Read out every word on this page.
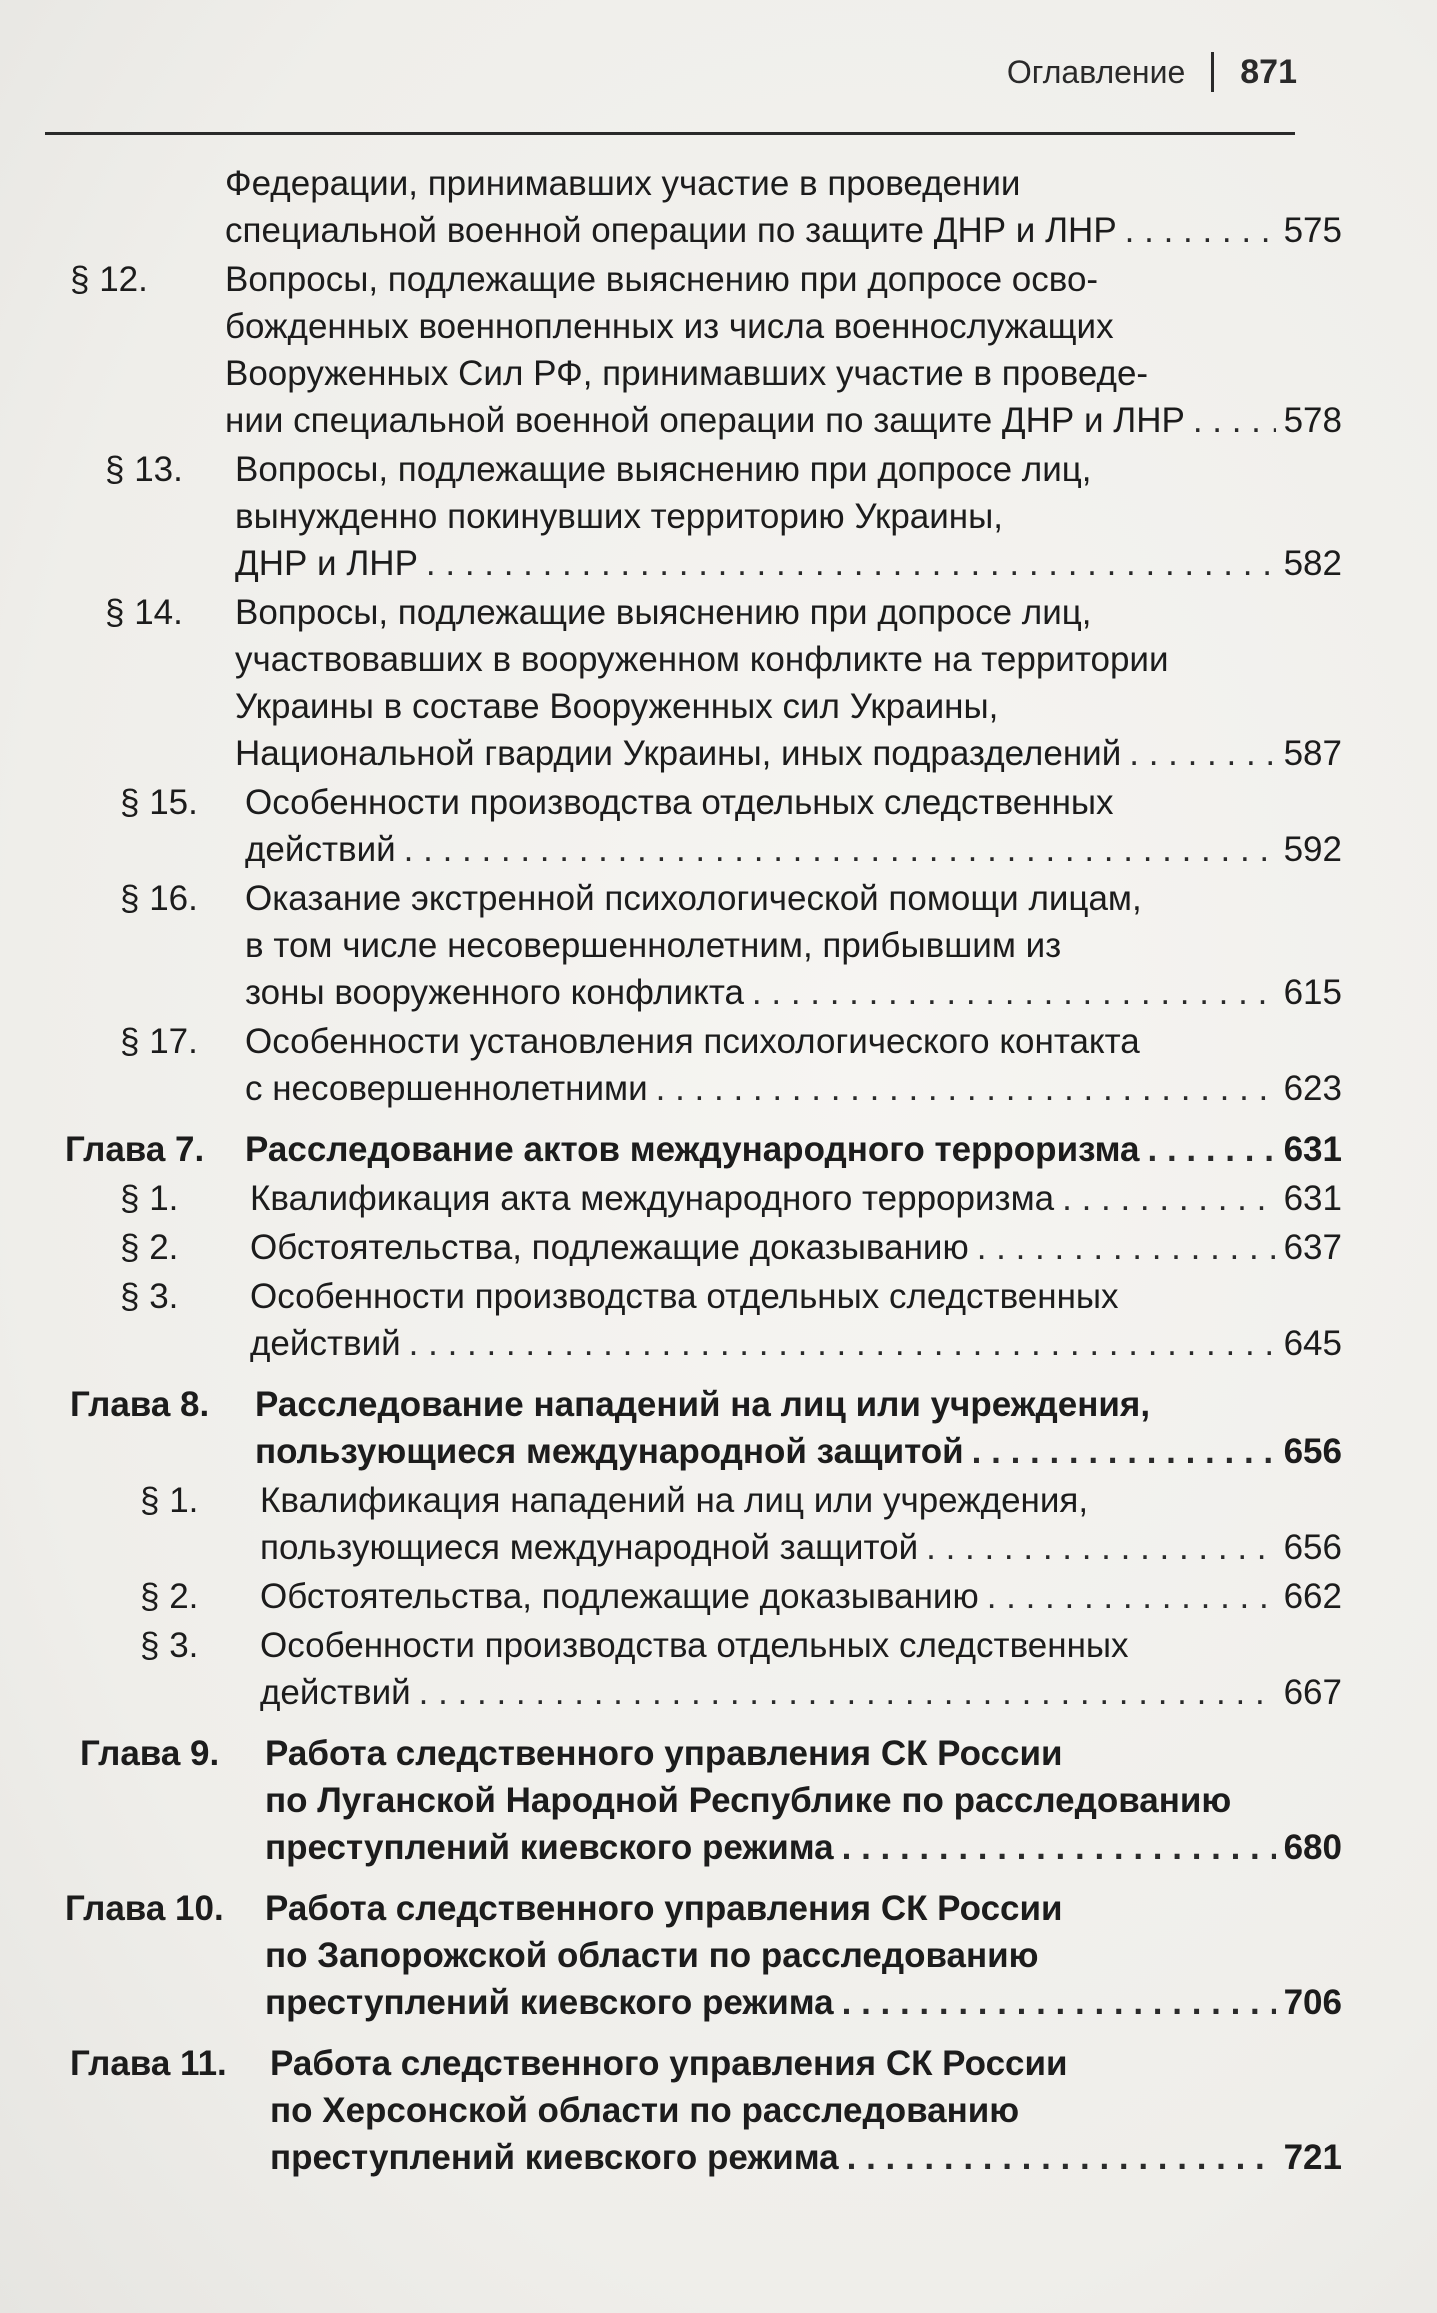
Оглавление 871
Федерации, принимавших участие в проведении
специальной военной операции по защите ДНР и ЛНР . . .	575
§ 12. Вопросы, подлежащие выяснению при допросе осво-
божденных военнопленных из числа военнослужащих
Вооруженных Сил РФ, принимавших участие в проведе-
нии специальной военной операции по защите ДНР и ЛНР . . .	578
§ 13. Вопросы, подлежащие выяснению при допросе лиц,
вынужденно покинувших территорию Украины,
ДНР и ЛНР . . .	582
§ 14. Вопросы, подлежащие выяснению при допросе лиц,
участвовавших в вооруженном конфликте на территории
Украины в составе Вооруженных сил Украины,
Национальной гвардии Украины, иных подразделений . . .	587
§ 15. Особенности производства отдельных следственных
действий . . .	592
§ 16. Оказание экстренной психологической помощи лицам,
в том числе несовершеннолетним, прибывшим из
зоны вооруженного конфликта . . .	615
§ 17. Особенности установления психологического контакта
с несовершеннолетними . . .	623
Глава 7. Расследование актов международного терроризма . . .	631
§ 1. Квалификация акта международного терроризма . . .	631
§ 2. Обстоятельства, подлежащие доказыванию . . .	637
§ 3. Особенности производства отдельных следственных
действий . . .	645
Глава 8. Расследование нападений на лиц или учреждения,
пользующиеся международной защитой . . .	656
§ 1. Квалификация нападений на лиц или учреждения,
пользующиеся международной защитой . . .	656
§ 2. Обстоятельства, подлежащие доказыванию . . .	662
§ 3. Особенности производства отдельных следственных
действий . . .	667
Глава 9. Работа следственного управления СК России
по Луганской Народной Республике по расследованию
преступлений киевского режима . . .	680
Глава 10. Работа следственного управления СК России
по Запорожской области по расследованию
преступлений киевского режима . . .	706
Глава 11. Работа следственного управления СК России
по Херсонской области по расследованию
преступлений киевского режима . . .	721
